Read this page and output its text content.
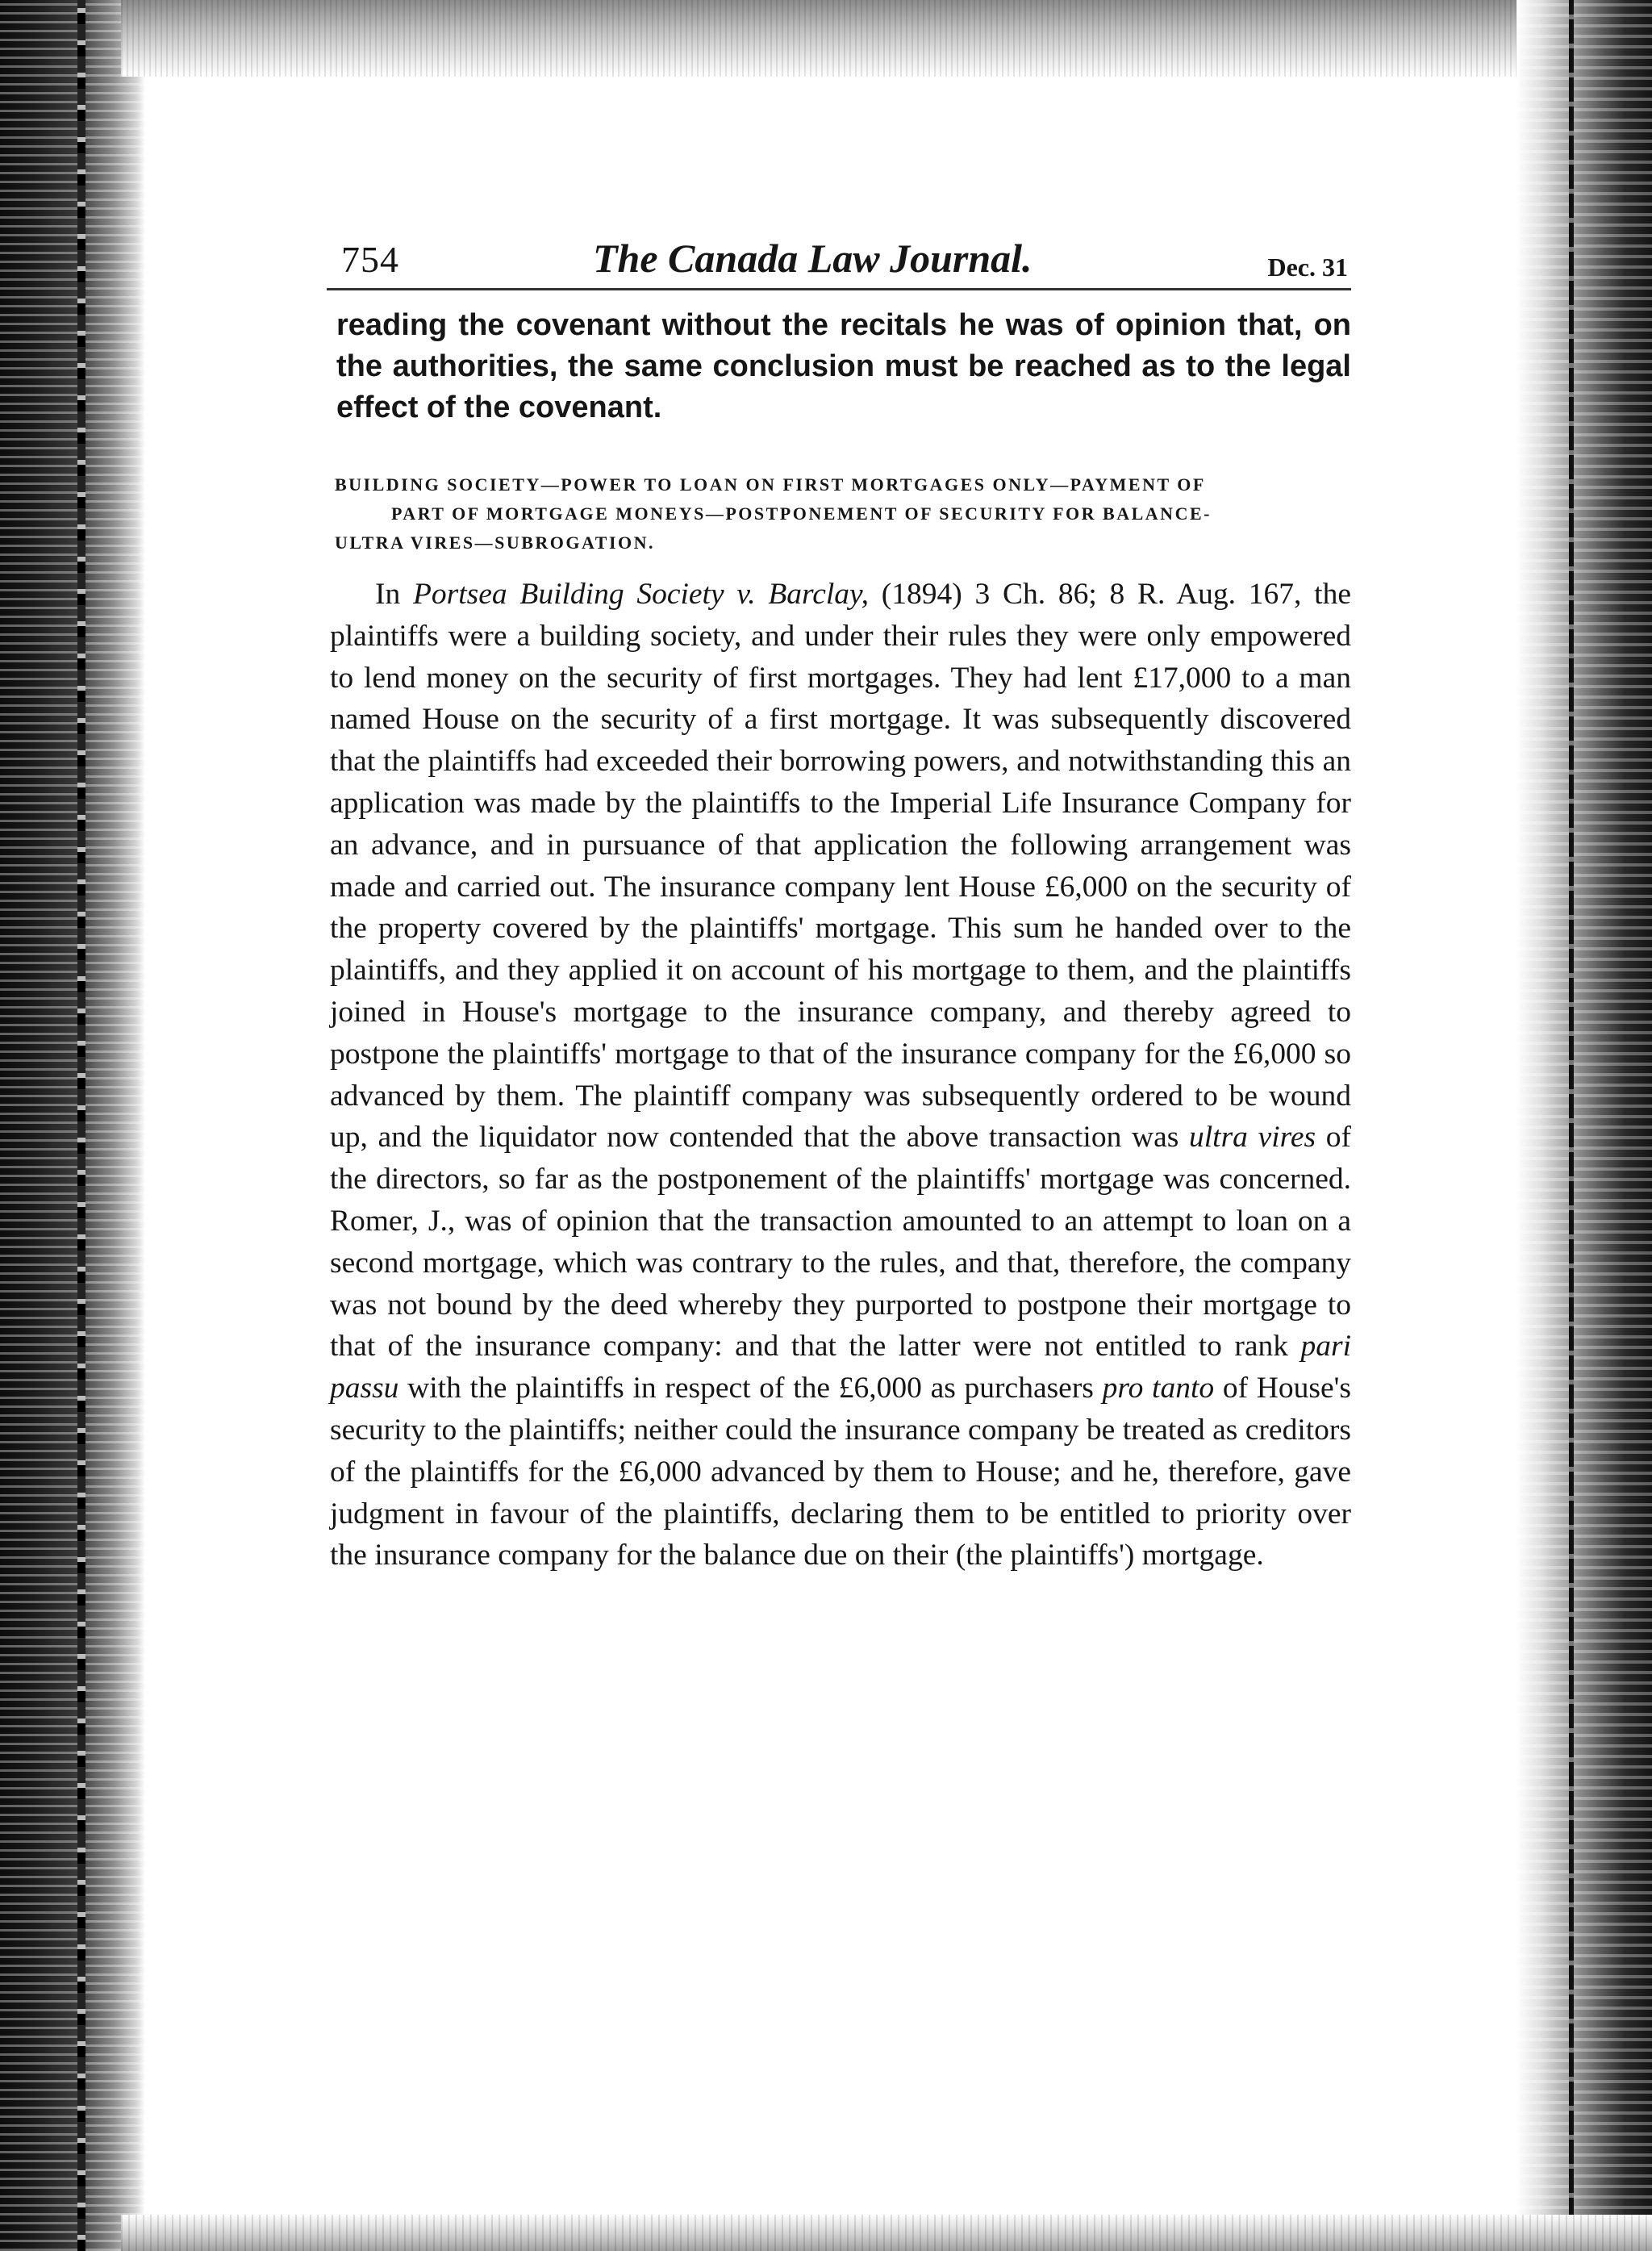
754	The Canada Law Journal.	Dec. 31

reading the covenant without the recitals he was of opinion that, on the authorities, the same conclusion must be reached as to the legal effect of the covenant.

BUILDING SOCIETY—POWER TO LOAN ON FIRST MORTGAGES ONLY—PAYMENT OF
PART OF MORTGAGE MONEYS—POSTPONEMENT OF SECURITY FOR BALANCE-
ULTRA VIRES—SUBROGATION.

In Portsea Building Society v. Barclay, (1894) 3 Ch. 86; 8 R. Aug. 167, the plaintiffs were a building society, and under their rules they were only empowered to lend money on the security of first mortgages. They had lent £17,000 to a man named House on the security of a first mortgage. It was subsequently discovered that the plaintiffs had exceeded their borrowing powers, and notwithstanding this an application was made by the plaintiffs to the Imperial Life Insurance Company for an advance, and in pursuance of that application the following arrangement was made and carried out. The insurance company lent House £6,000 on the security of the property covered by the plaintiffs' mortgage. This sum he handed over to the plaintiffs, and they applied it on account of his mortgage to them, and the plaintiffs joined in House's mortgage to the insurance company, and thereby agreed to postpone the plaintiffs' mortgage to that of the insurance company for the £6,000 so advanced by them. The plaintiff company was subsequently ordered to be wound up, and the liquidator now contended that the above transaction was ultra vires of the directors, so far as the postponement of the plaintiffs' mortgage was concerned. Romer, J., was of opinion that the transaction amounted to an attempt to loan on a second mortgage, which was contrary to the rules, and that, therefore, the company was not bound by the deed whereby they purported to postpone their mortgage to that of the insurance company: and that the latter were not entitled to rank pari passu with the plaintiffs in respect of the £6,000 as purchasers pro tanto of House's security to the plaintiffs; neither could the insurance company be treated as creditors of the plaintiffs for the £6,000 advanced by them to House; and he, therefore, gave judgment in favour of the plaintiffs, declaring them to be entitled to priority over the insurance company for the balance due on their (the plaintiffs') mortgage.
